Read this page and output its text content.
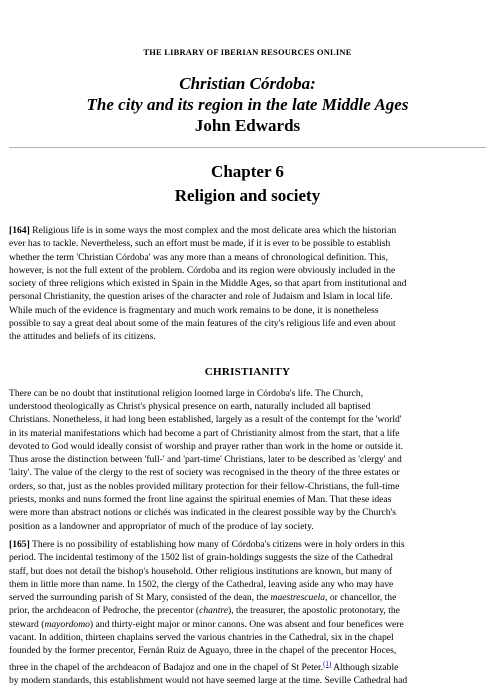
THE LIBRARY OF IBERIAN RESOURCES ONLINE
Christian Córdoba:
The city and its region in the late Middle Ages
John Edwards
Chapter 6
Religion and society

[164] Religious life is in some ways the most complex and the most delicate area which the historian
ever has to tackle. Nevertheless, such an effort must be made, if it is ever to be possible to establish
whether the term 'Christian Córdoba' was any more than a means of chronological definition. This,
however, is not the full extent of the problem. Córdoba and its region were obviously included in the
society of three religions which existed in Spain in the Middle Ages, so that apart from institutional and
personal Christianity, the question arises of the character and role of Judaism and Islam in local life.
While much of the evidence is fragmentary and much work remains to be done, it is nonetheless
possible to say a great deal about some of the main features of the city's religious life and even about
the attitudes and beliefs of its citizens.

CHRISTIANITY

There can be no doubt that institutional religion loomed large in Córdoba's life. The Church,
understood theologically as Christ's physical presence on earth, naturally included all baptised
Christians. Nonetheless, it had long been established, largely as a result of the contempt for the 'world'
in its material manifestations which had become a part of Christianity almost from the start, that a life
devoted to God would ideally consist of worship and prayer rather than work in the home or outside it.
Thus arose the distinction between 'full-' and 'part-time' Christians, later to be described as 'clergy' and
'laity'. The value of the clergy to the rest of society was recognised in the theory of the three estates or
orders, so that, just as the nobles provided military protection for their fellow-Christians, the full-time
priests, monks and nuns formed the front line against the spiritual enemies of Man. That these ideas
were more than abstract notions or clichés was indicated in the clearest possible way by the Church's
position as a landowner and appropriator of much of the produce of lay society.

[165] There is no possibility of establishing how many of Córdoba's citizens were in holy orders in this
period. The incidental testimony of the 1502 list of grain-holdings suggests the size of the Cathedral
staff, but does not detail the bishop's household. Other religious institutions are known, but many of
them in little more than name. In 1502, the clergy of the Cathedral, leaving aside any who may have
served the surrounding parish of St Mary, consisted of the dean, the maestrescuela, or chancellor, the
prior, the archdeacon of Pedroche, the precentor (chantre), the treasurer, the apostolic protonotary, the
steward (mayordomo) and thirty-eight major or minor canons. One was absent and four benefices were
vacant. In addition, thirteen chaplains served the various chantries in the Cathedral, six in the chapel
founded by the former precentor, Fernán Ruiz de Aguayo, three in the chapel of the precentor Hoces,
three in the chapel of the archdeacon of Badajoz and one in the chapel of St Peter.$^{(1)}$ Although sizable
by modern standards, this establishment would not have seemed large at the time. Seville Cathedral had
